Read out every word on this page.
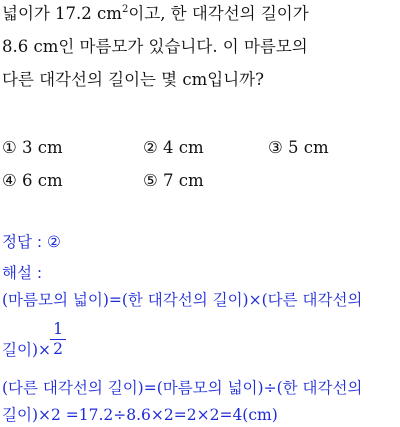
넓이가 17.2 $cm^2$이고, 한 대각선의 길이가
8.6 cm인 마름모가 있습니다. 이 마름모의
다른 대각선의 길이는 몇 cm입니까?
① 3 cm	② 4 cm	③ 5 cm
④ 6 cm	⑤ 7 cm
정답 : ②
해설 :
(마름모의 넓이)=(한 대각선의 길이)×(다른 대각선의
길이)×
1
2
(다른 대각선의 길이)=(마름모의 넓이)÷(한 대각선의
길이)×2 =17.2÷8.6×2=2×2=4(cm)
